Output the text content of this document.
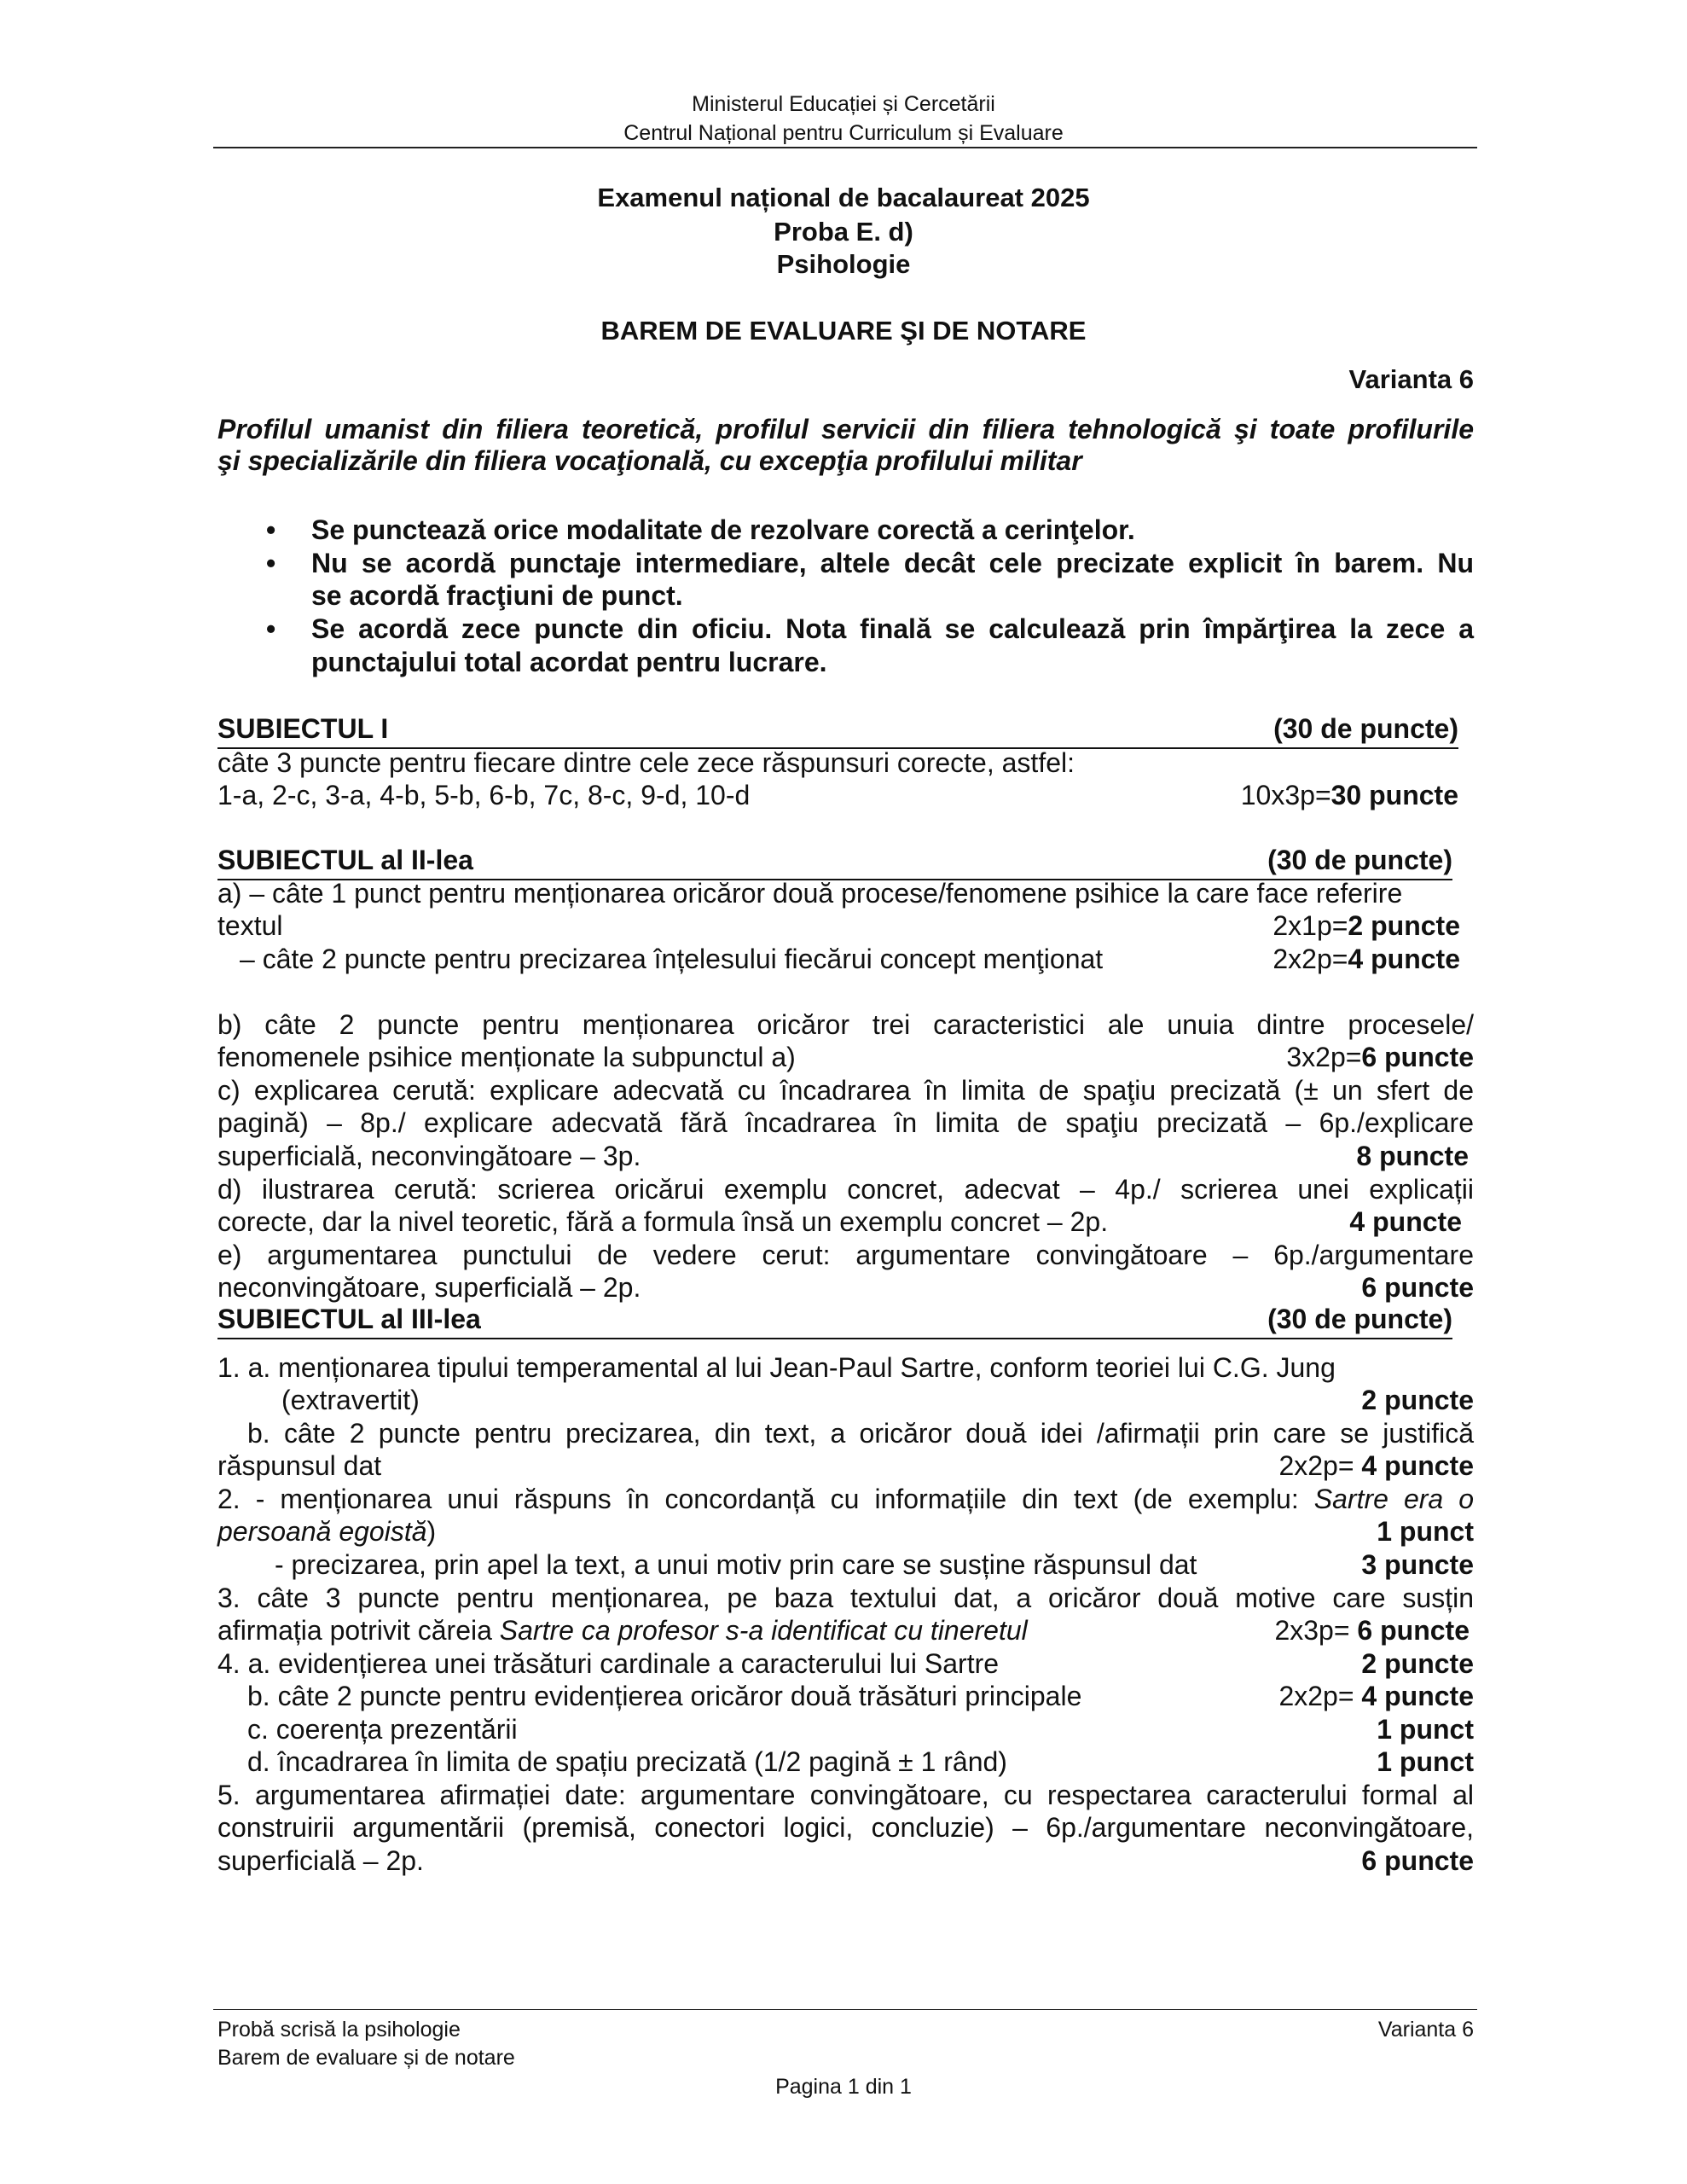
Ministerul Educației și Cercetării
Centrul Național pentru Curriculum și Evaluare
Examenul național de bacalaureat 2025
Proba E. d)
Psihologie
BAREM DE EVALUARE ŞI DE NOTARE
Varianta 6
Profilul umanist din filiera teoretică, profilul servicii din filiera tehnologică şi toate profilurile
şi specializările din filiera vocaţională, cu excepţia profilului militar
• Se punctează orice modalitate de rezolvare corectă a cerinţelor.
• Nu se acordă punctaje intermediare, altele decât cele precizate explicit în barem. Nu
se acordă fracţiuni de punct.
• Se acordă zece puncte din oficiu. Nota finală se calculează prin împărţirea la zece a
punctajului total acordat pentru lucrare.
SUBIECTUL I	(30 de puncte)
câte 3 puncte pentru fiecare dintre cele zece răspunsuri corecte, astfel:
1-a, 2-c, 3-a, 4-b, 5-b, 6-b, 7c, 8-c, 9-d, 10-d	10x3p=30 puncte
SUBIECTUL al II-lea	(30 de puncte)
a) – câte 1 punct pentru menționarea oricăror două procese/fenomene psihice la care face referire
textul	2x1p=2 puncte
– câte 2 puncte pentru precizarea înțelesului fiecărui concept menţionat	2x2p=4 puncte
b) câte 2 puncte pentru menționarea oricăror trei caracteristici ale unuia dintre procesele/
fenomenele psihice menționate la subpunctul a)	3x2p=6 puncte
c) explicarea cerută: explicare adecvată cu încadrarea în limita de spaţiu precizată (± un sfert de
pagină) – 8p./ explicare adecvată fără încadrarea în limita de spaţiu precizată – 6p./explicare
superficială, neconvingătoare – 3p.	8 puncte
d) ilustrarea cerută: scrierea oricărui exemplu concret, adecvat – 4p./ scrierea unei explicații
corecte, dar la nivel teoretic, fără a formula însă un exemplu concret – 2p.	4 puncte
e) argumentarea punctului de vedere cerut: argumentare convingătoare – 6p./argumentare
neconvingătoare, superficială – 2p.	6 puncte
SUBIECTUL al III-lea	(30 de puncte)
1. a. menționarea tipului temperamental al lui Jean-Paul Sartre, conform teoriei lui C.G. Jung
(extravertit)	2 puncte
b. câte 2 puncte pentru precizarea, din text, a oricăror două idei /afirmații prin care se justifică
răspunsul dat	2x2p= 4 puncte
2. - menționarea unui răspuns în concordanță cu informațiile din text (de exemplu: Sartre era o
persoană egoistă)	1 punct
- precizarea, prin apel la text, a unui motiv prin care se susține răspunsul dat	3 puncte
3. câte 3 puncte pentru menționarea, pe baza textului dat, a oricăror două motive care susțin
afirmația potrivit căreia Sartre ca profesor s-a identificat cu tineretul	2x3p= 6 puncte
4. a. evidențierea unei trăsături cardinale a caracterului lui Sartre	2 puncte
b. câte 2 puncte pentru evidențierea oricăror două trăsături principale	2x2p= 4 puncte
c. coerența prezentării	1 punct
d. încadrarea în limita de spațiu precizată (1/2 pagină ± 1 rând)	1 punct
5. argumentarea afirmației date: argumentare convingătoare, cu respectarea caracterului formal al
construirii argumentării (premisă, conectori logici, concluzie) – 6p./argumentare neconvingătoare,
superficială – 2p.	6 puncte
Probă scrisă la psihologie	Varianta 6
Barem de evaluare și de notare
Pagina 1 din 1
